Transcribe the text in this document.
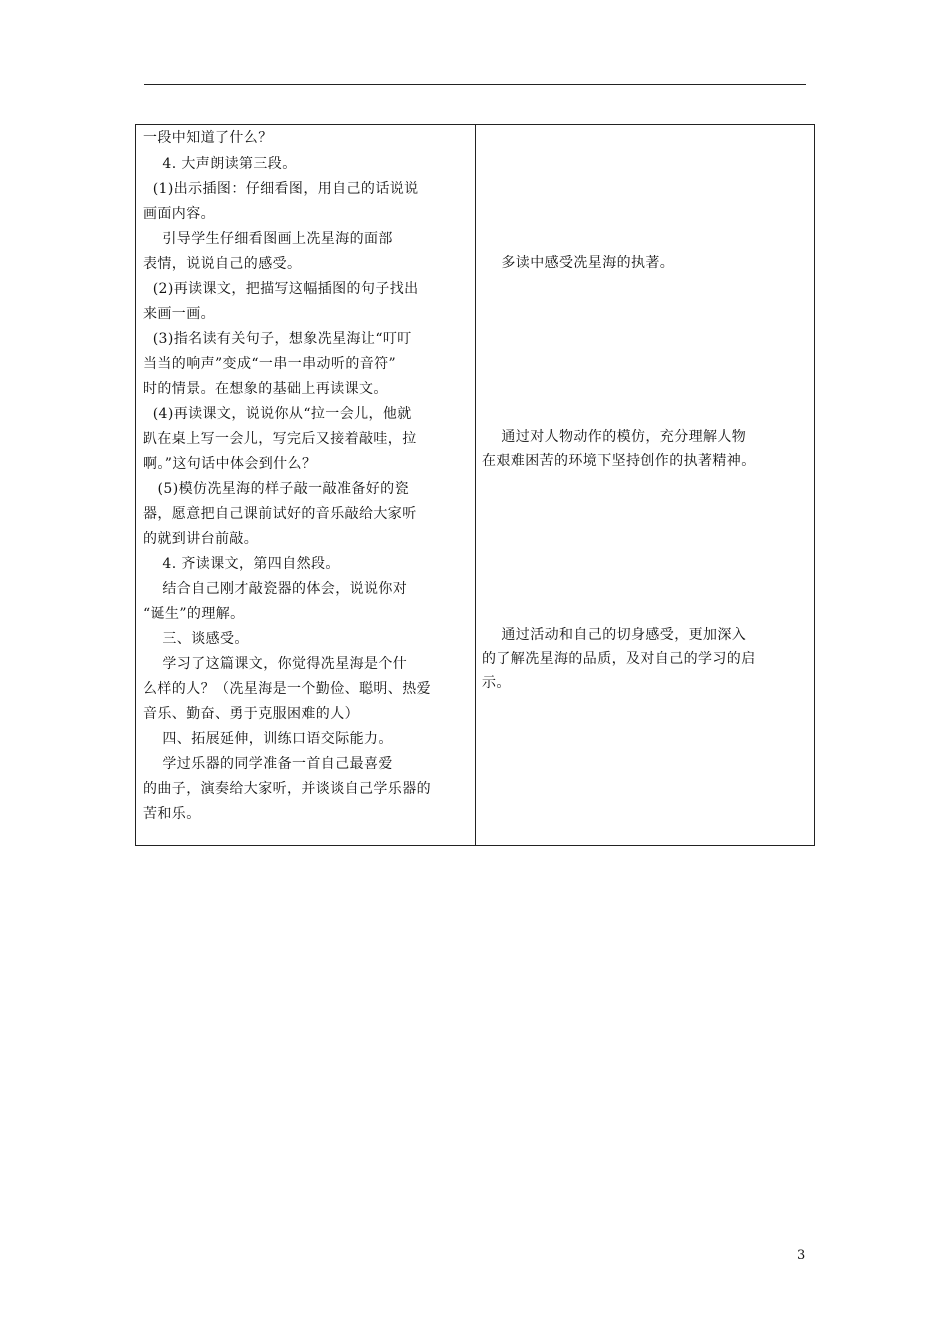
一段中知道了什么？
4. 大声朗读第三段。
(1)出示插图：仔细看图，用自己的话说说
画面内容。
引导学生仔细看图画上冼星海的面部
表情，说说自己的感受。
(2)再读课文，把描写这幅插图的句子找出
来画一画。
(3)指名读有关句子，想象冼星海让“叮叮
当当的响声”变成“一串一串动听的音符”
时的情景。在想象的基础上再读课文。
(4)再读课文，说说你从“拉一会儿，他就
趴在桌上写一会儿，写完后又接着敲哇，拉
啊。”这句话中体会到什么？
(5)模仿冼星海的样子敲一敲准备好的瓷
器，愿意把自己课前试好的音乐敲给大家听
的就到讲台前敲。
4. 齐读课文，第四自然段。
结合自己刚才敲瓷器的体会，说说你对
“诞生”的理解。
三、谈感受。
学习了这篇课文，你觉得冼星海是个什
么样的人？（冼星海是一个勤俭、聪明、热爱
音乐、勤奋、勇于克服困难的人）
四、拓展延伸，训练口语交际能力。
学过乐器的同学准备一首自己最喜爱
的曲子，演奏给大家听，并谈谈自己学乐器的
苦和乐。
多读中感受冼星海的执著。
通过对人物动作的模仿，充分理解人物
在艰难困苦的环境下坚持创作的执著精神。
通过活动和自己的切身感受，更加深入
的了解冼星海的品质，及对自己的学习的启
示。
3
